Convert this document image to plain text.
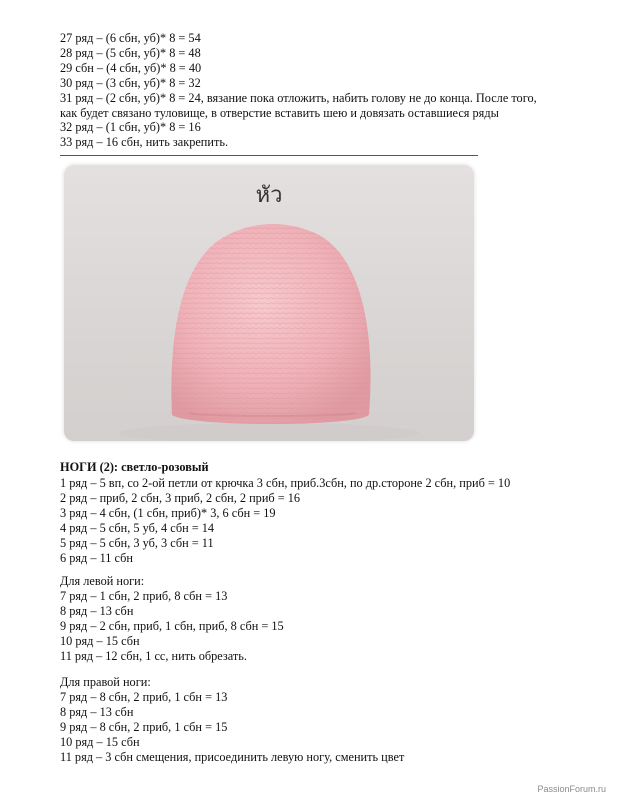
27 ряд – (6 сбн, уб)* 8 = 54
28 ряд – (5 сбн, уб)* 8 = 48
29 сбн – (4 сбн, уб)* 8 = 40
30 ряд – (3 сбн, уб)* 8 = 32
31 ряд – (2 сбн, уб)* 8 = 24, вязание пока отложить, набить голову не до конца. После того, как будет связано туловище, в отверстие вставить шею и довязать оставшиеся ряды
32 ряд – (1 сбн, уб)* 8 = 16
33 ряд – 16 сбн, нить закрепить.
หัว
НОГИ (2): светло-розовый
1 ряд – 5 вп, со 2-ой петли от крючка 3 сбн, приб.3сбн, по др.стороне 2 сбн, приб = 10
2 ряд – приб, 2 сбн, 3 приб, 2 сбн, 2 приб = 16
3 ряд – 4 сбн, (1 сбн, приб)* 3, 6 сбн = 19
4 ряд – 5 сбн, 5 уб, 4 сбн = 14
5 ряд – 5 сбн, 3 уб, 3 сбн = 11
6 ряд – 11 сбн
Для левой ноги:
7 ряд – 1 сбн, 2 приб, 8 сбн = 13
8 ряд – 13 сбн
9 ряд – 2 сбн, приб, 1 сбн, приб, 8 сбн = 15
10 ряд – 15 сбн
11 ряд – 12 сбн, 1 сс, нить обрезать.
Для правой ноги:
7 ряд – 8 сбн, 2 приб, 1 сбн = 13
8 ряд – 13 сбн
9 ряд – 8 сбн, 2 приб, 1 сбн = 15
10 ряд – 15 сбн
11 ряд – 3 сбн смещения, присоединить левую ногу, сменить цвет
PassionForum.ru
